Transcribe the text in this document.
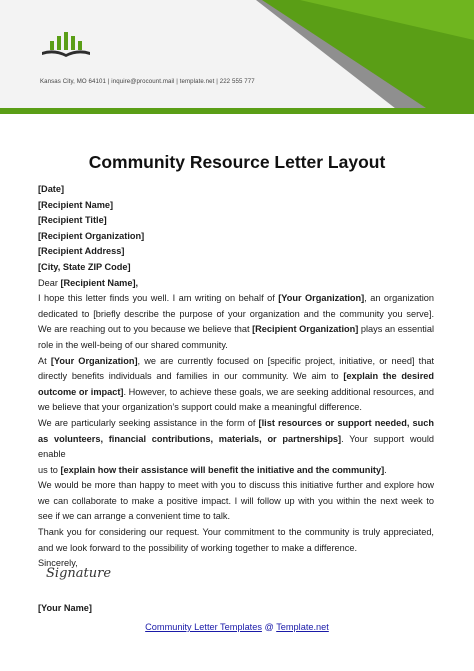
Kansas City, MO 64101 | inquire@procount.mail | template.net | 222 555 777
Community Resource Letter Layout
[Date]
[Recipient Name]
[Recipient Title]
[Recipient Organization]
[Recipient Address]
[City, State ZIP Code]
Dear [Recipient Name],
I hope this letter finds you well. I am writing on behalf of [Your Organization], an organization
dedicated to [briefly describe the purpose of your organization and the community you serve].
We are reaching out to you because we believe that [Recipient Organization] plays an essential
role in the well-being of our shared community.
At [Your Organization], we are currently focused on [specific project, initiative, or need] that
directly benefits individuals and families in our community. We aim to [explain the desired
outcome or impact]. However, to achieve these goals, we are seeking additional resources, and
we believe that your organization’s support could make a meaningful difference.
We are particularly seeking assistance in the form of [list resources or support needed, such
as volunteers, financial contributions, materials, or partnerships]. Your support would enable
us to [explain how their assistance will benefit the initiative and the community].
We would be more than happy to meet with you to discuss this initiative further and explore how
we can collaborate to make a positive impact. I will follow up with you within the next week to
see if we can arrange a convenient time to talk.
Thank you for considering our request. Your commitment to the community is truly appreciated,
and we look forward to the possibility of working together to make a difference.
Sincerely,
Signature
[Your Name]
Community Letter Templates @ Template.net
